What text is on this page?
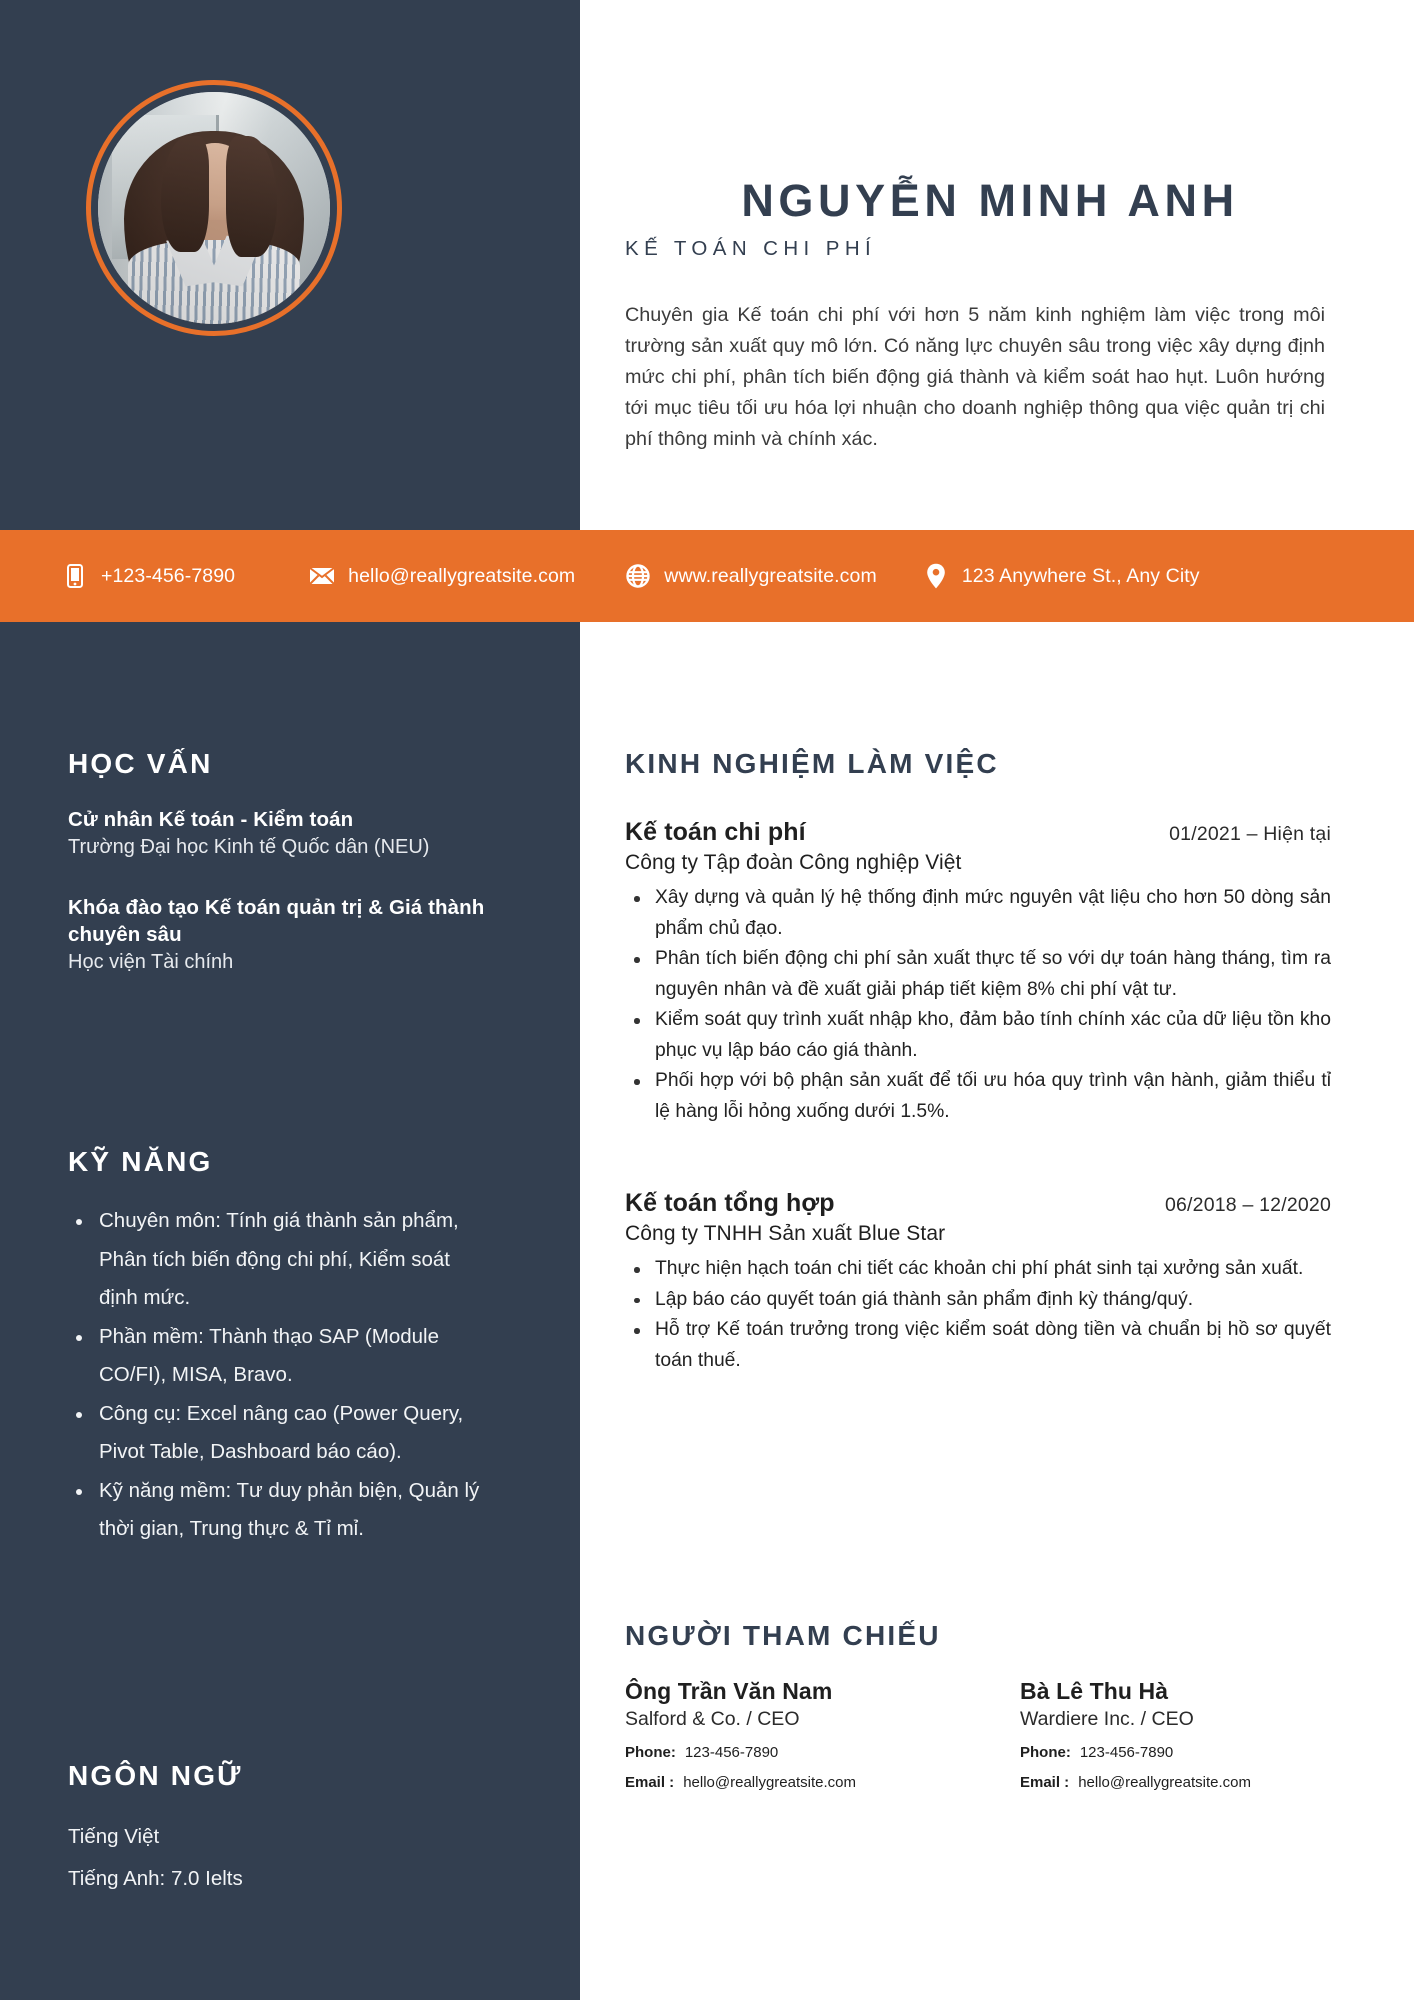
NGUYỄN MINH ANH
KẾ TOÁN CHI PHÍ
Chuyên gia Kế toán chi phí với hơn 5 năm kinh nghiệm làm việc trong môi trường sản xuất quy mô lớn. Có năng lực chuyên sâu trong việc xây dựng định mức chi phí, phân tích biến động giá thành và kiểm soát hao hụt. Luôn hướng tới mục tiêu tối ưu hóa lợi nhuận cho doanh nghiệp thông qua việc quản trị chi phí thông minh và chính xác.
+123-456-7890	hello@reallygreatsite.com	www.reallygreatsite.com	123 Anywhere St., Any City
HỌC VẤN
Cử nhân Kế toán - Kiểm toán
Trường Đại học Kinh tế Quốc dân (NEU)
Khóa đào tạo Kế toán quản trị & Giá thành chuyên sâu
Học viện Tài chính
KỸ NĂNG
Chuyên môn: Tính giá thành sản phẩm, Phân tích biến động chi phí, Kiểm soát định mức.
Phần mềm: Thành thạo SAP (Module CO/FI), MISA, Bravo.
Công cụ: Excel nâng cao (Power Query, Pivot Table, Dashboard báo cáo).
Kỹ năng mềm: Tư duy phản biện, Quản lý thời gian, Trung thực & Tỉ mỉ.
NGÔN NGỮ
Tiếng Việt
Tiếng Anh: 7.0 Ielts
KINH NGHIỆM LÀM VIỆC
Kế toán chi phí	01/2021 – Hiện tại
Công ty Tập đoàn Công nghiệp Việt
Xây dựng và quản lý hệ thống định mức nguyên vật liệu cho hơn 50 dòng sản phẩm chủ đạo.
Phân tích biến động chi phí sản xuất thực tế so với dự toán hàng tháng, tìm ra nguyên nhân và đề xuất giải pháp tiết kiệm 8% chi phí vật tư.
Kiểm soát quy trình xuất nhập kho, đảm bảo tính chính xác của dữ liệu tồn kho phục vụ lập báo cáo giá thành.
Phối hợp với bộ phận sản xuất để tối ưu hóa quy trình vận hành, giảm thiểu tỉ lệ hàng lỗi hỏng xuống dưới 1.5%.
Kế toán tổng hợp	06/2018 – 12/2020
Công ty TNHH Sản xuất Blue Star
Thực hiện hạch toán chi tiết các khoản chi phí phát sinh tại xưởng sản xuất.
Lập báo cáo quyết toán giá thành sản phẩm định kỳ tháng/quý.
Hỗ trợ Kế toán trưởng trong việc kiểm soát dòng tiền và chuẩn bị hồ sơ quyết toán thuế.
NGƯỜI THAM CHIẾU
Ông Trần Văn Nam
Salford & Co. / CEO
Phone: 123-456-7890
Email : hello@reallygreatsite.com
Bà Lê Thu Hà
Wardiere Inc. / CEO
Phone: 123-456-7890
Email : hello@reallygreatsite.com
